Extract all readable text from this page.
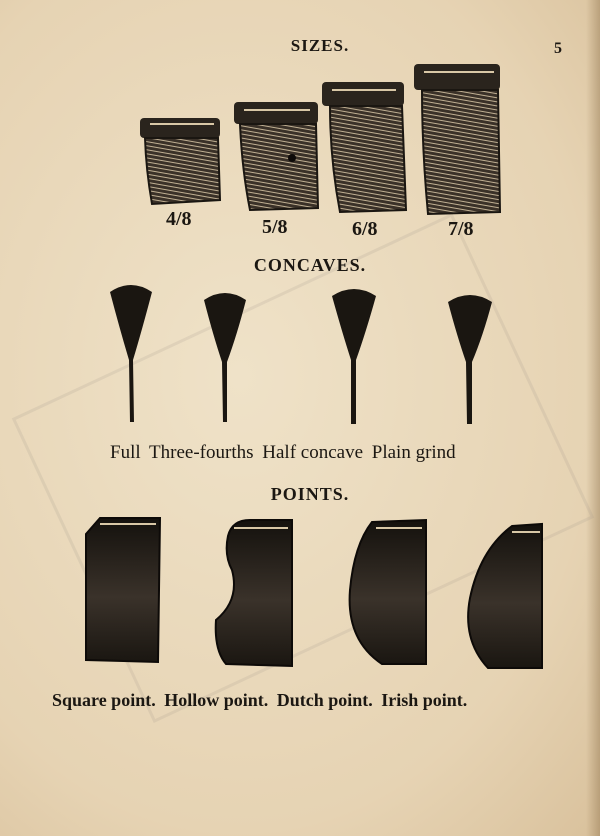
5
SIZES.
4/8	5/8	6/8	7/8
CONCAVES.
Full Three-fourths Half concave Plain grind
POINTS.
Square point. Hollow point. Dutch point. Irish point.
